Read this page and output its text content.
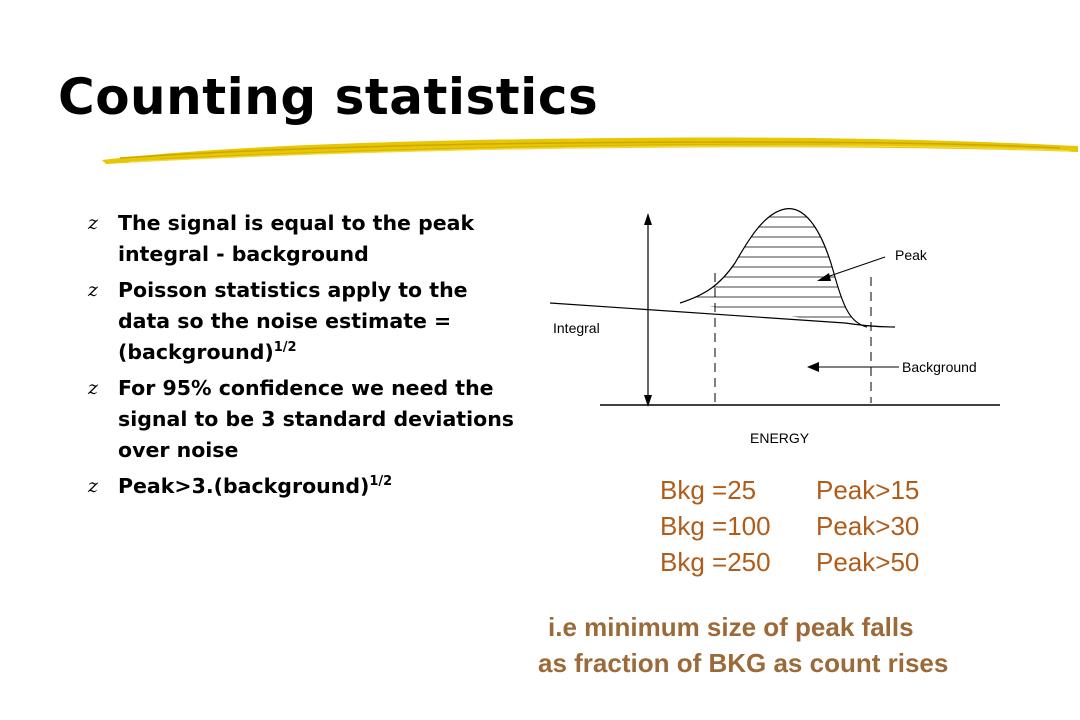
Counting statistics
z The signal is equal to the peak integral - background
z Poisson statistics apply to the data so the noise estimate = (background)$^{1/2}$
z For 95% confidence we need the signal to be 3 standard deviations over noise
z Peak>3.(background)$^{1/2}$
Peak
Background
Integral
ENERGY
Bkg =25 Peak>15
Bkg =100 Peak>30
Bkg =250 Peak>50
i.e minimum size of peak falls
as fraction of BKG as count rises
